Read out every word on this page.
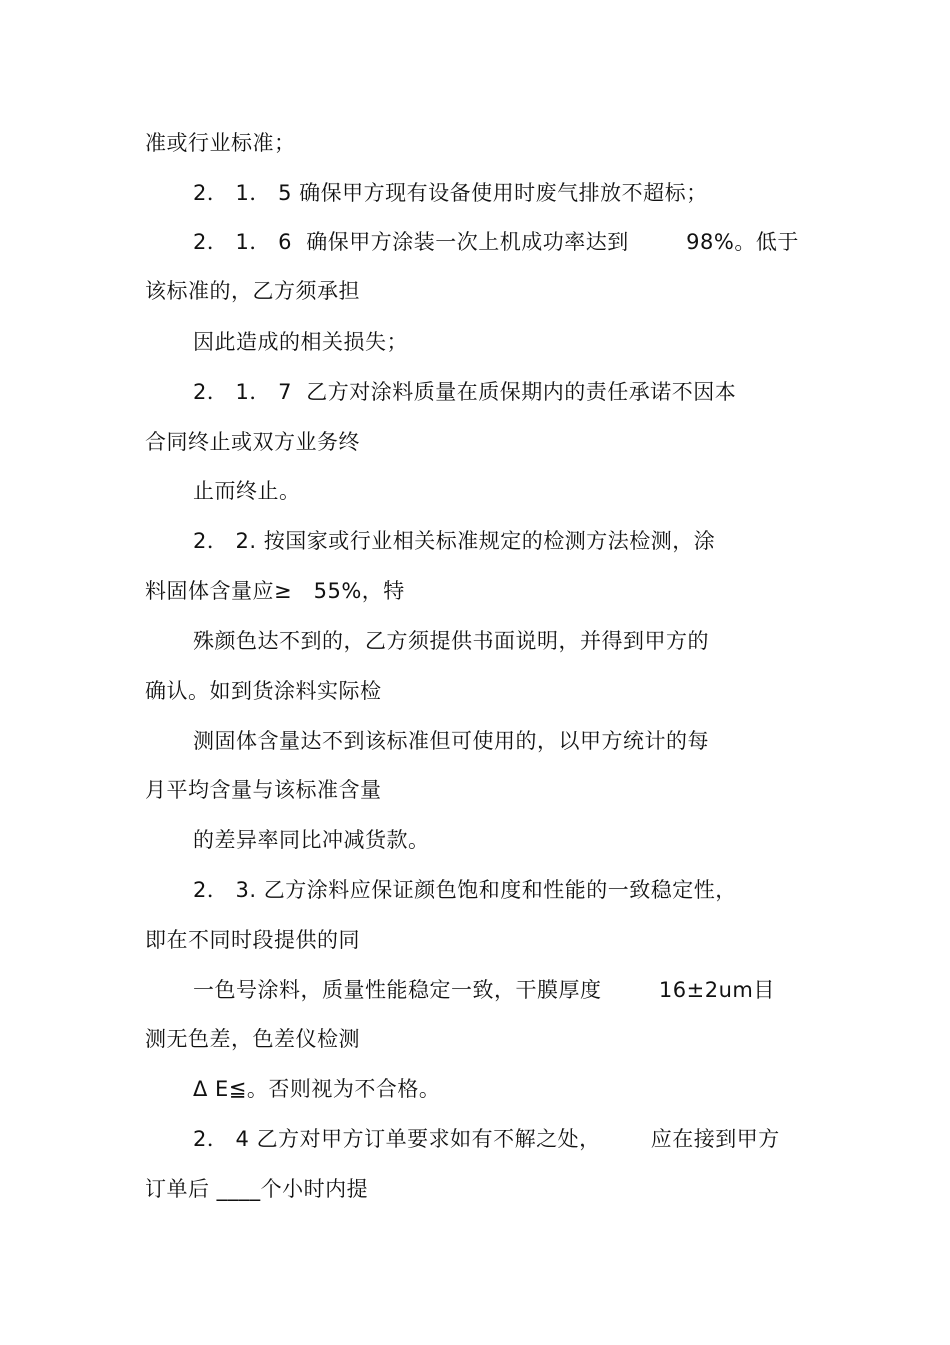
准或行业标准；
2． 1． 5 确保甲方现有设备使用时废气排放不超标；
2． 1． 6  确保甲方涂装一次上机成功率达到        98%。低于
该标准的，乙方须承担
因此造成的相关损失；
2． 1． 7  乙方对涂料质量在质保期内的责任承诺不因本
合同终止或双方业务终
止而终止。
2． 2. 按国家或行业相关标准规定的检测方法检测，涂
料固体含量应≥   55%，特
殊颜色达不到的，乙方须提供书面说明，并得到甲方的
确认。如到货涂料实际检
测固体含量达不到该标准但可使用的，以甲方统计的每
月平均含量与该标准含量
的差异率同比冲减货款。
2． 3. 乙方涂料应保证颜色饱和度和性能的一致稳定性，
即在不同时段提供的同
一色号涂料，质量性能稳定一致，干膜厚度        16±2um目
测无色差，色差仪检测
Δ E≦。否则视为不合格。
2． 4 乙方对甲方订单要求如有不解之处，       应在接到甲方
订单后 ____个小时内提
